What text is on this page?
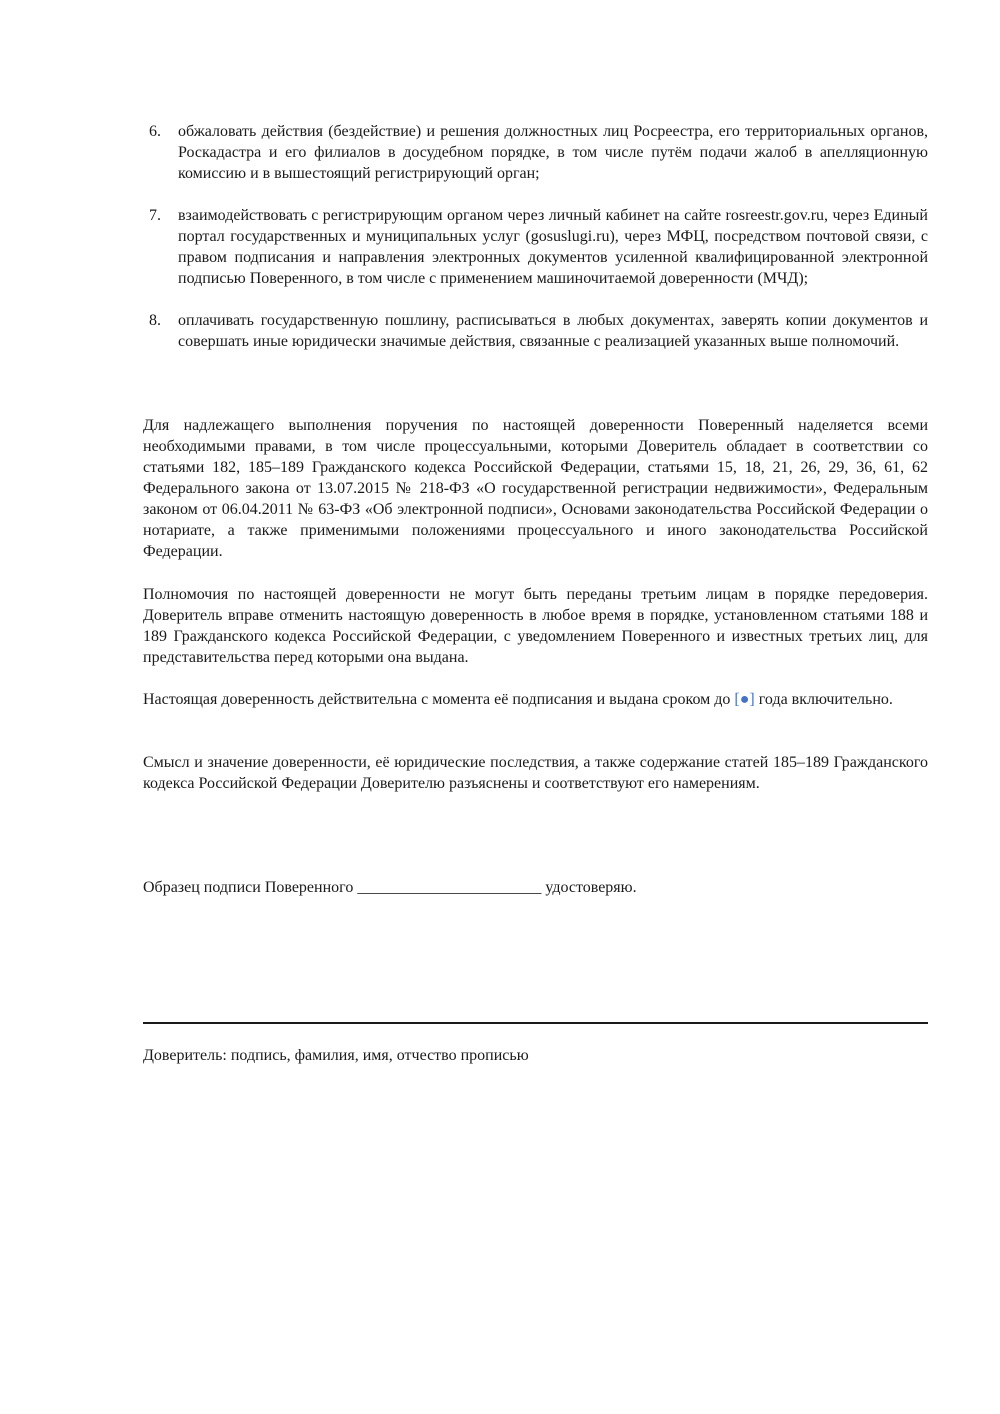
6. обжаловать действия (бездействие) и решения должностных лиц Росреестра, его территориальных органов, Роскадастра и его филиалов в досудебном порядке, в том числе путём подачи жалоб в апелляционную комиссию и в вышестоящий регистрирующий орган;
7. взаимодействовать с регистрирующим органом через личный кабинет на сайте rosreestr.gov.ru, через Единый портал государственных и муниципальных услуг (gosuslugi.ru), через МФЦ, посредством почтовой связи, с правом подписания и направления электронных документов усиленной квалифицированной электронной подписью Поверенного, в том числе с применением машиночитаемой доверенности (МЧД);
8. оплачивать государственную пошлину, расписываться в любых документах, заверять копии документов и совершать иные юридически значимые действия, связанные с реализацией указанных выше полномочий.

Для надлежащего выполнения поручения по настоящей доверенности Поверенный наделяется всеми необходимыми правами, в том числе процессуальными, которыми Доверитель обладает в соответствии со статьями 182, 185–189 Гражданского кодекса Российской Федерации, статьями 15, 18, 21, 26, 29, 36, 61, 62 Федерального закона от 13.07.2015 № 218-ФЗ «О государственной регистрации недвижимости», Федеральным законом от 06.04.2011 № 63-ФЗ «Об электронной подписи», Основами законодательства Российской Федерации о нотариате, а также применимыми положениями процессуального и иного законодательства Российской Федерации.

Полномочия по настоящей доверенности не могут быть переданы третьим лицам в порядке передоверия. Доверитель вправе отменить настоящую доверенность в любое время в порядке, установленном статьями 188 и 189 Гражданского кодекса Российской Федерации, с уведомлением Поверенного и известных третьих лиц, для представительства перед которыми она выдана.

Настоящая доверенность действительна с момента её подписания и выдана сроком до [●] года включительно.

Смысл и значение доверенности, её юридические последствия, а также содержание статей 185–189 Гражданского кодекса Российской Федерации Доверителю разъяснены и соответствуют его намерениям.

Образец подписи Поверенного _______________________ удостоверяю.

Доверитель: подпись, фамилия, имя, отчество прописью
